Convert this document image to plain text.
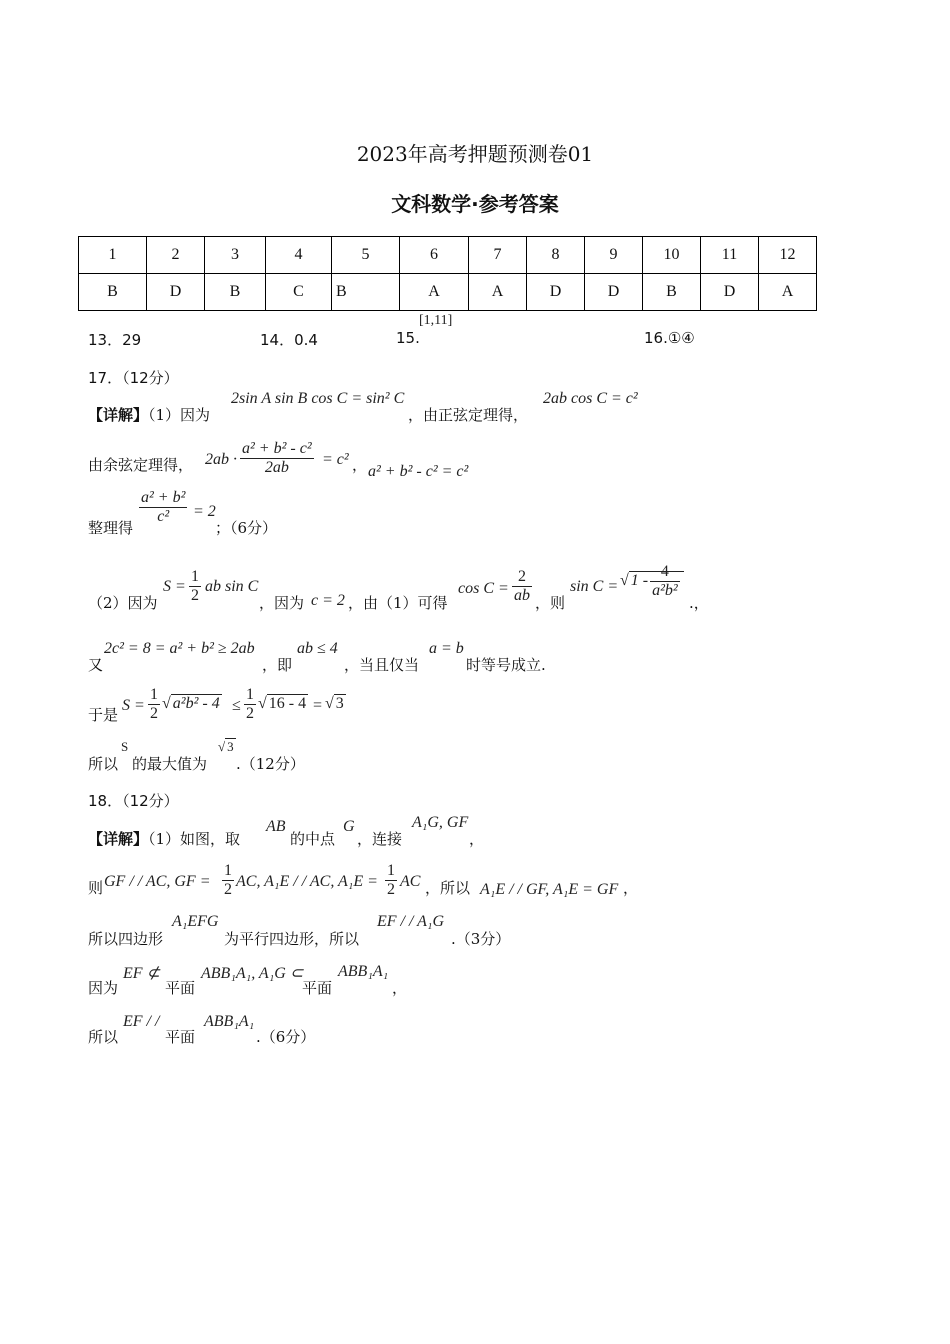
2023年高考押题预测卷01
文科数学·参考答案
1	2	3	4	5	6	7	8	9	10	11	12
B	D	B	C	B	A	A	D	D	B	D	A
13．29	14．0.4	15.
[1,11]
16.①④
17．（12分）
【详解】（1）因为
2sin A sin B cos C = sin² C
，由正弦定理得，
2ab cos C = c²
由余弦定理得， $2ab \cdot \frac{\text{a² + b² - c²}}{2ab} = c^2$ ， a² + b² - c² = c²
整理得
$\frac{\text{a² + b²}}{\text{c²}} = 2$
；（6分）
（2）因为
$S = \frac{1}{2}$ ab sin C
，因为 c = 2 ，由（1）可得
$\cos C = \frac{2}{ab}$ ，则
sin C = √ $1 - \frac{4}{\text{a²b²}}$
.，
又
2c² = 8 = a² + b² ≥ 2ab
，即
ab ≤ 4
，当且仅当
a = b
时等号成立.
于是
$S = \frac{1}{2}$ √ $a^2b^2 - 4 \le \frac{1}{2}$ √ 16 - 4 = √ 3
所以
S
的最大值为
√ 3
.（12分）
18．（12分）
【详解】（1）如图，取
AB
的中点
G
，连接
A₁G, GF
，
则 GF / / AC, GF = $\frac{1}{2}$ AC, A₁E / / AC, $A_1E = \frac{1}{2}$ AC ，所以 A₁E / / GF, A₁E = GF ，
所以四边形
A₁EFG
为平行四边形，所以
EF / / A₁G
.（3分）
因为
EF ⊄
平面
ABB₁A₁, A₁G ⊂
平面
ABB₁A₁
，
所以
EF / /
平面
ABB₁A₁
.（6分）
